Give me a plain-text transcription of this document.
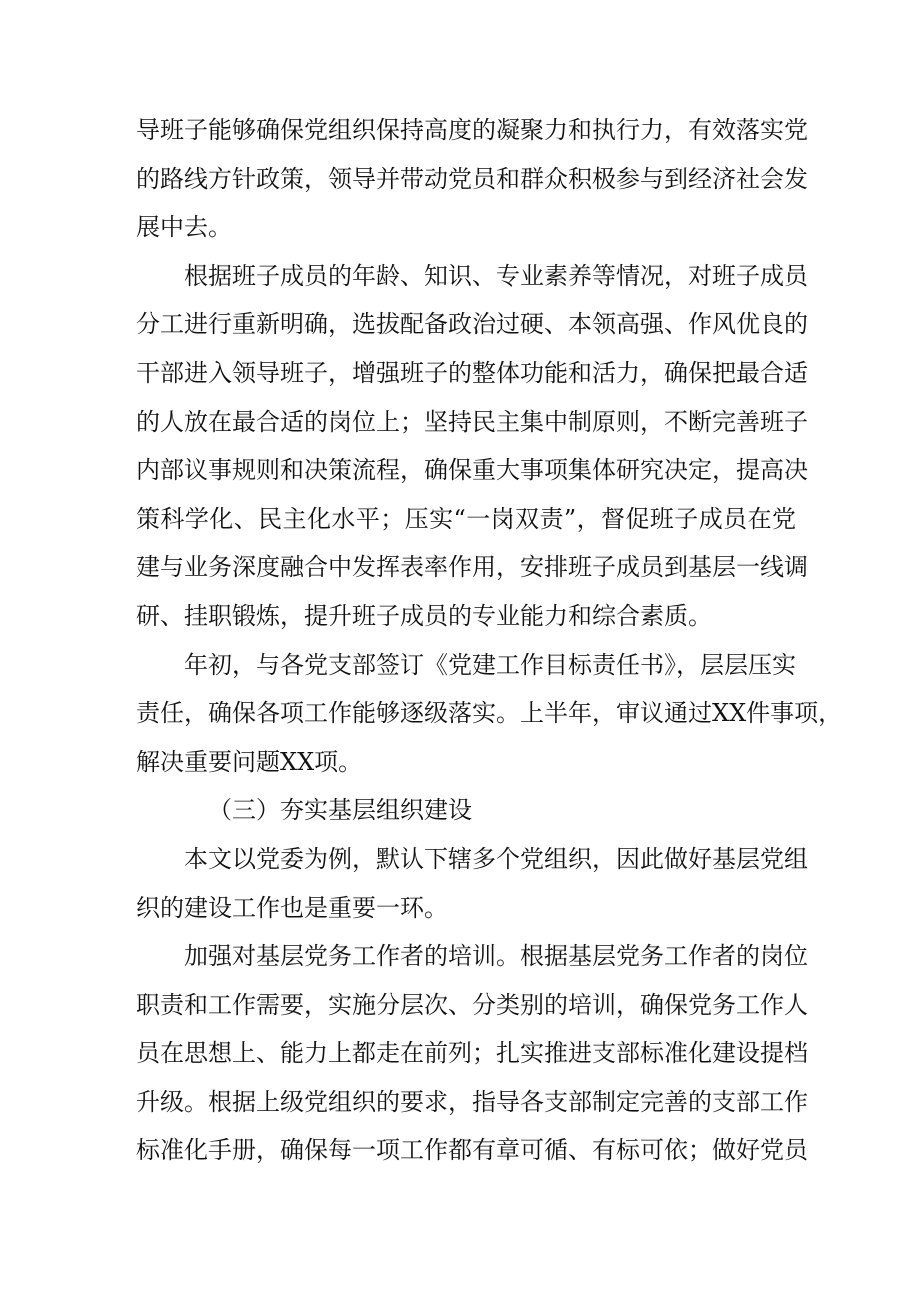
导班子能够确保党组织保持高度的凝聚力和执行力，有效落实党
的路线方针政策，领导并带动党员和群众积极参与到经济社会发
展中去。
根据班子成员的年龄、知识、专业素养等情况，对班子成员
分工进行重新明确，选拔配备政治过硬、本领高强、作风优良的
干部进入领导班子，增强班子的整体功能和活力，确保把最合适
的人放在最合适的岗位上；坚持民主集中制原则，不断完善班子
内部议事规则和决策流程，确保重大事项集体研究决定，提高决
策科学化、民主化水平；压实“一岗双责”，督促班子成员在党
建与业务深度融合中发挥表率作用，安排班子成员到基层一线调
研、挂职锻炼，提升班子成员的专业能力和综合素质。
年初，与各党支部签订《党建工作目标责任书》，层层压实
责任，确保各项工作能够逐级落实。上半年，审议通过XX件事项，
解决重要问题XX项。
（三）夯实基层组织建设
本文以党委为例，默认下辖多个党组织，因此做好基层党组
织的建设工作也是重要一环。
加强对基层党务工作者的培训。根据基层党务工作者的岗位
职责和工作需要，实施分层次、分类别的培训，确保党务工作人
员在思想上、能力上都走在前列；扎实推进支部标准化建设提档
升级。根据上级党组织的要求，指导各支部制定完善的支部工作
标准化手册，确保每一项工作都有章可循、有标可依；做好党员
